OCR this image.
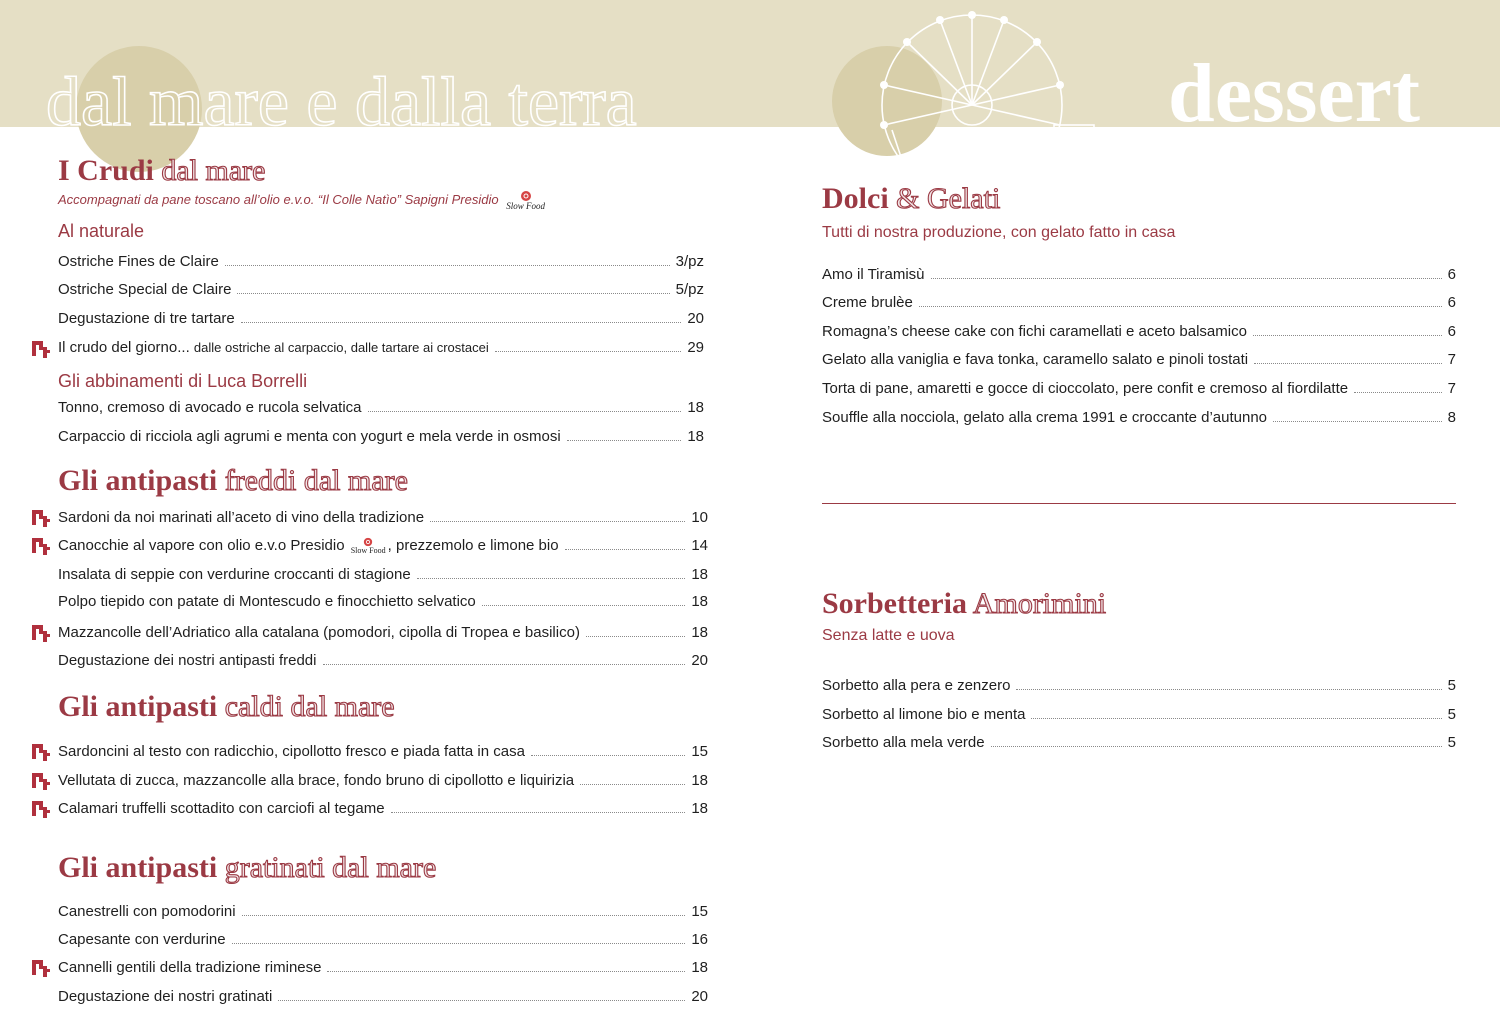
dal mare e dalla terra	dessert
I Crudi dal mare
Accompagnati da pane toscano all’olio e.v.o. “Il Colle Natìo” Sapigni Presidio Slow Food
Al naturale
Ostriche Fines de Claire	3/pz
Ostriche Special de Claire	5/pz
Degustazione di tre tartare	20
Il crudo del giorno... dalle ostriche al carpaccio, dalle tartare ai crostacei	29
Gli abbinamenti di Luca Borrelli
Tonno, cremoso di avocado e rucola selvatica	18
Carpaccio di ricciola agli agrumi e menta con yogurt e mela verde in osmosi	18
Gli antipasti freddi dal mare
Sardoni da noi marinati all’aceto di vino della tradizione	10
Canocchie al vapore con olio e.v.o Presidio Slow Food , prezzemolo e limone bio	14
Insalata di seppie con verdurine croccanti di stagione	18
Polpo tiepido con patate di Montescudo e finocchietto selvatico	18
Mazzancolle dell’Adriatico alla catalana (pomodori, cipolla di Tropea e basilico)	18
Degustazione dei nostri antipasti freddi	20
Gli antipasti caldi dal mare
Sardoncini al testo con radicchio, cipollotto fresco e piada fatta in casa	15
Vellutata di zucca, mazzancolle alla brace, fondo bruno di cipollotto e liquirizia	18
Calamari truffelli scottadito con carciofi al tegame	18
Gli antipasti gratinati dal mare
Canestrelli con pomodorini	15
Capesante con verdurine	16
Cannelli gentili della tradizione riminese	18
Degustazione dei nostri gratinati	20
Dolci & Gelati
Tutti di nostra produzione, con gelato fatto in casa
Amo il Tiramisù	6
Creme brulèe	6
Romagna’s cheese cake con fichi caramellati e aceto balsamico	6
Gelato alla vaniglia e fava tonka, caramello salato e pinoli tostati	7
Torta di pane, amaretti e gocce di cioccolato, pere confit e cremoso al fiordilatte	7
Souffle alla nocciola, gelato alla crema 1991 e croccante d’autunno	8
Sorbetteria Amorimini
Senza latte e uova
Sorbetto alla pera e zenzero	5
Sorbetto al limone bio e menta	5
Sorbetto alla mela verde	5
